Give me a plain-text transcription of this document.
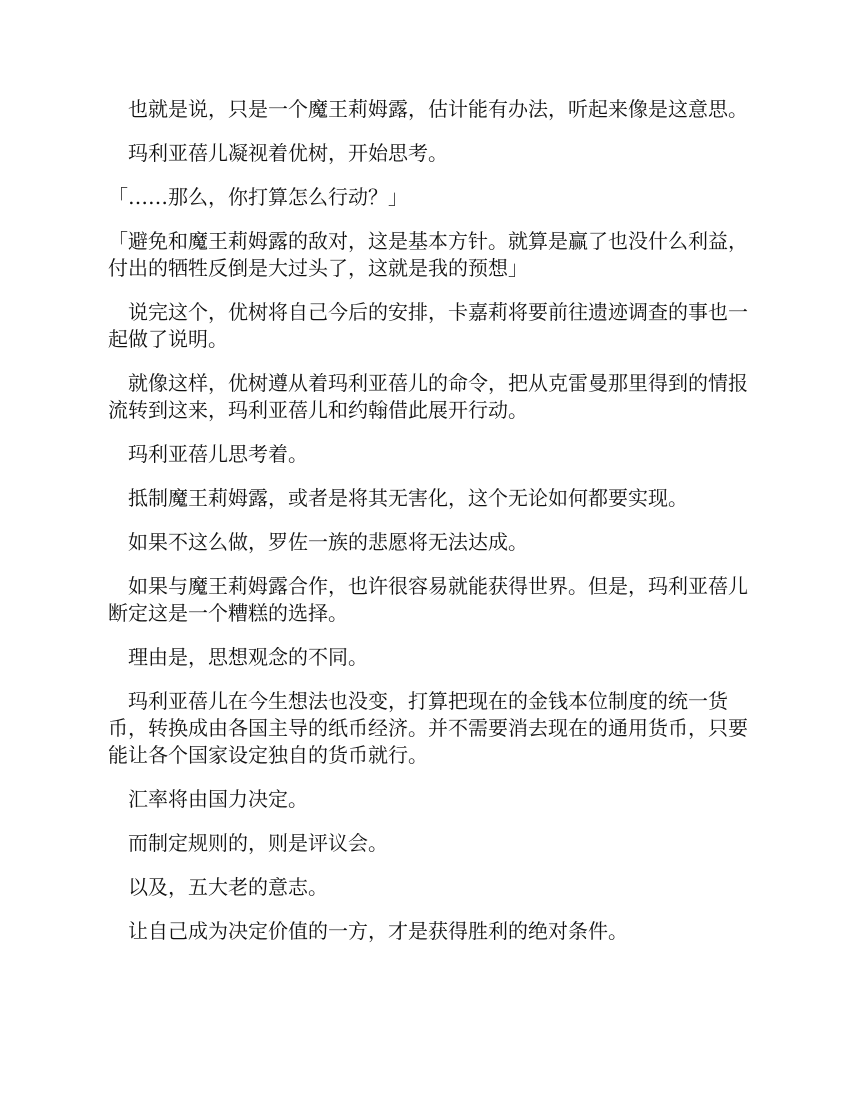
　也就是说，只是一个魔王莉姆露，估计能有办法，听起来像是这意思。

　玛利亚蓓儿凝视着优树，开始思考。

「……那么，你打算怎么行动？」

「避免和魔王莉姆露的敌对，这是基本方针。就算是赢了也没什么利益，付出的牺牲反倒是大过头了，这就是我的预想」

　说完这个，优树将自己今后的安排，卡嘉莉将要前往遗迹调查的事也一起做了说明。

　就像这样，优树遵从着玛利亚蓓儿的命令，把从克雷曼那里得到的情报流转到这来，玛利亚蓓儿和约翰借此展开行动。

　玛利亚蓓儿思考着。

　抵制魔王莉姆露，或者是将其无害化，这个无论如何都要实现。

　如果不这么做，罗佐一族的悲愿将无法达成。

　如果与魔王莉姆露合作，也许很容易就能获得世界。但是，玛利亚蓓儿断定这是一个糟糕的选择。

　理由是，思想观念的不同。

　玛利亚蓓儿在今生想法也没变，打算把现在的金钱本位制度的统一货币，转换成由各国主导的纸币经济。并不需要消去现在的通用货币，只要能让各个国家设定独自的货币就行。

　汇率将由国力决定。

　而制定规则的，则是评议会。

　以及，五大老的意志。

　让自己成为决定价值的一方，才是获得胜利的绝对条件。
